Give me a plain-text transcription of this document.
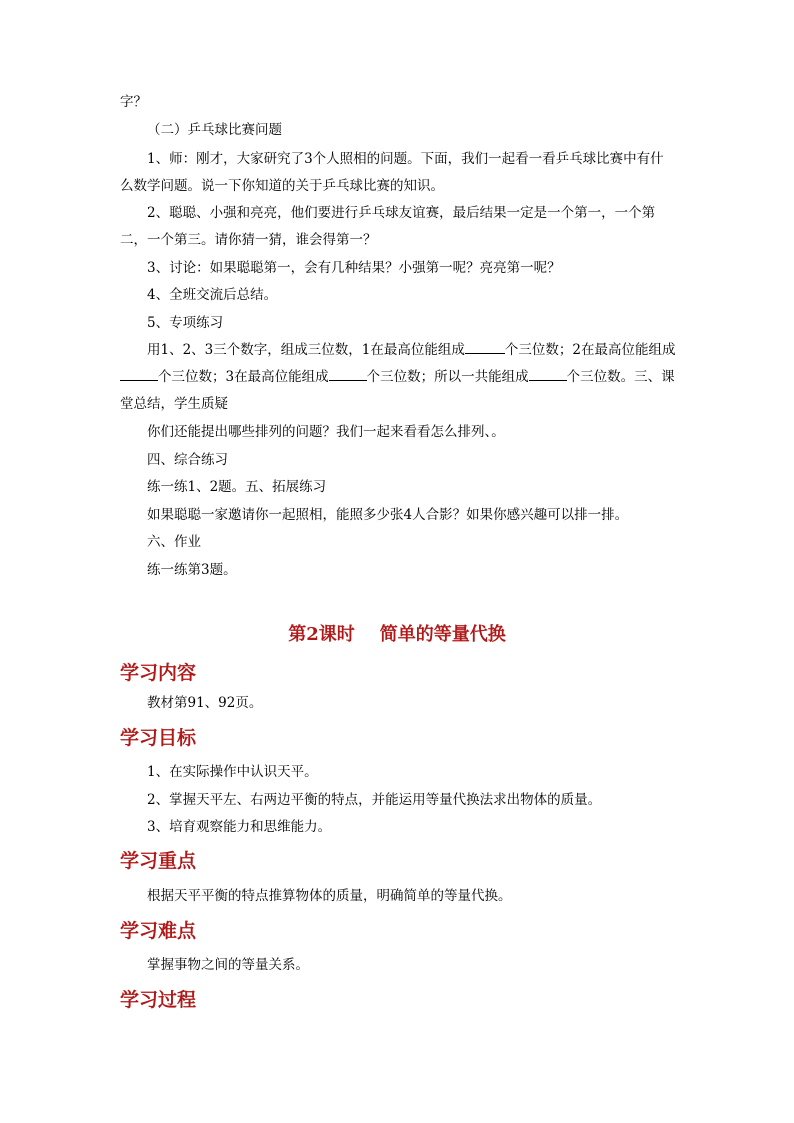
字？
（二）乒乓球比赛问题
1、师：刚才，大家研究了3个人照相的问题。下面，我们一起看一看乒乓球比赛中有什么数学问题。说一下你知道的关于乒乓球比赛的知识。
2、聪聪、小强和亮亮，他们要进行乒乓球友谊赛，最后结果一定是一个第一，一个第二，一个第三。请你猜一猜，谁会得第一？
3、讨论：如果聪聪第一，会有几种结果？小强第一呢？亮亮第一呢？
4、全班交流后总结。
5、专项练习
用1、2、3三个数字，组成三位数，1在最高位能组成	个三位数；2在最高位能组成个三位数；3在最高位能组成	个三位数；所以一共能组成	个三位数。三、课堂总结，学生质疑
你们还能提出哪些排列的问题？我们一起来看看怎么排列、。
四、综合练习
练一练1、2题。五、拓展练习
如果聪聪一家邀请你一起照相，能照多少张4人合影？如果你感兴趣可以排一排。
六、作业
练一练第3题。
第2课时    简单的等量代换
学习内容
教材第91、92页。
学习目标
1、在实际操作中认识天平。
2、掌握天平左、右两边平衡的特点，并能运用等量代换法求出物体的质量。
3、培育观察能力和思维能力。
学习重点
根据天平平衡的特点推算物体的质量，明确简单的等量代换。
学习难点
掌握事物之间的等量关系。
学习过程
